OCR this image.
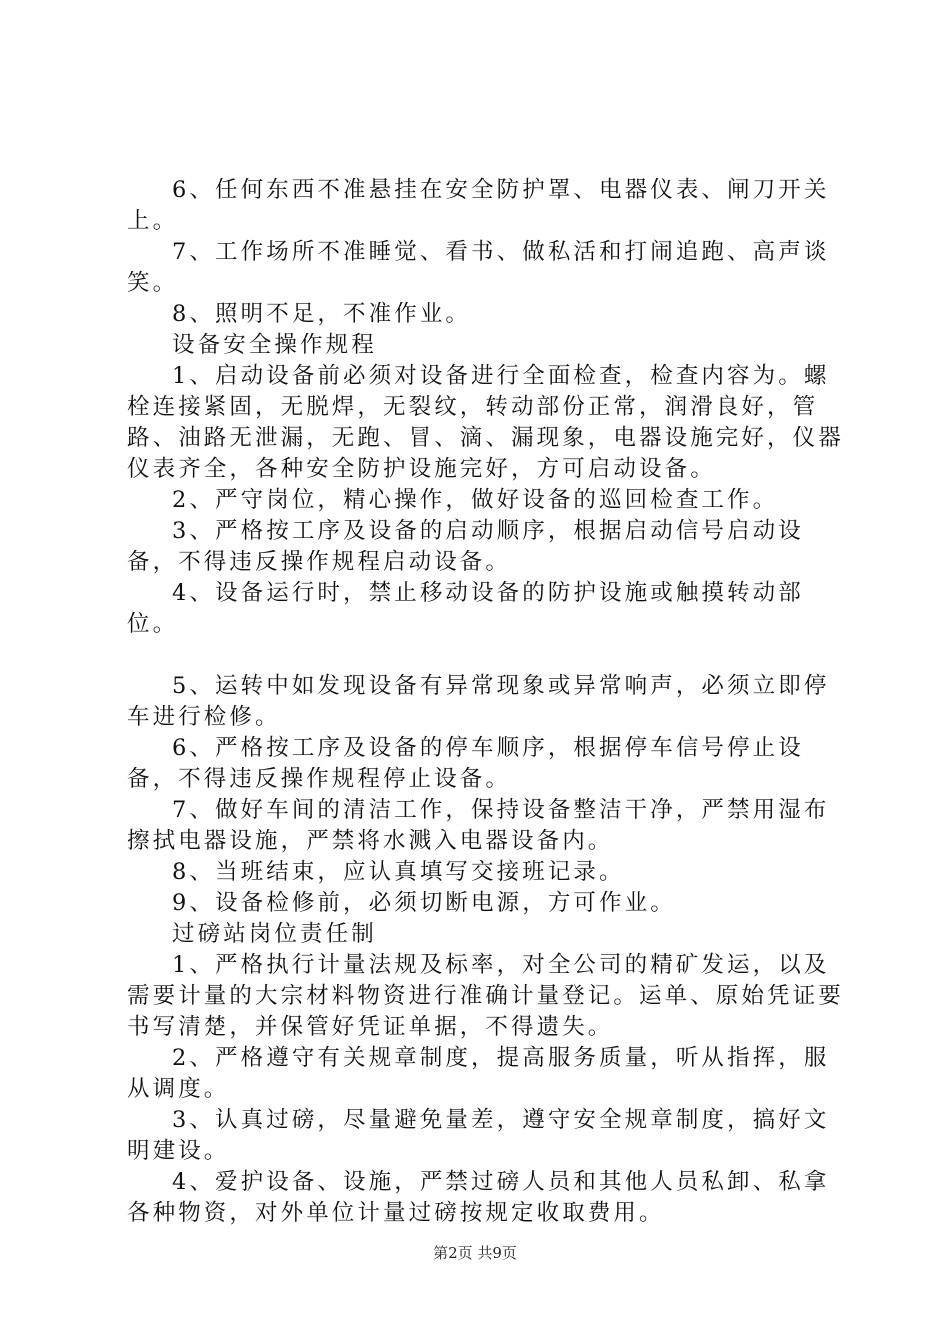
6、任何东西不准悬挂在安全防护罩、电器仪表、闸刀开关上。

7、工作场所不准睡觉、看书、做私活和打闹追跑、高声谈笑。

8、照明不足，不准作业。

设备安全操作规程

1、启动设备前必须对设备进行全面检查，检查内容为。螺栓连接紧固，无脱焊，无裂纹，转动部份正常，润滑良好，管路、油路无泄漏，无跑、冒、滴、漏现象，电器设施完好，仪器仪表齐全，各种安全防护设施完好，方可启动设备。

2、严守岗位，精心操作，做好设备的巡回检查工作。

3、严格按工序及设备的启动顺序，根据启动信号启动设备，不得违反操作规程启动设备。

4、设备运行时，禁止移动设备的防护设施或触摸转动部位。

5、运转中如发现设备有异常现象或异常响声，必须立即停车进行检修。

6、严格按工序及设备的停车顺序，根据停车信号停止设备，不得违反操作规程停止设备。

7、做好车间的清洁工作，保持设备整洁干净，严禁用湿布擦拭电器设施，严禁将水溅入电器设备内。

8、当班结束，应认真填写交接班记录。

9、设备检修前，必须切断电源，方可作业。

过磅站岗位责任制

1、严格执行计量法规及标率，对全公司的精矿发运，以及需要计量的大宗材料物资进行准确计量登记。运单、原始凭证要书写清楚，并保管好凭证单据，不得遗失。

2、严格遵守有关规章制度，提高服务质量，听从指挥，服从调度。

3、认真过磅，尽量避免量差，遵守安全规章制度，搞好文明建设。

4、爱护设备、设施，严禁过磅人员和其他人员私卸、私拿各种物资，对外单位计量过磅按规定收取费用。

第2页 共9页
